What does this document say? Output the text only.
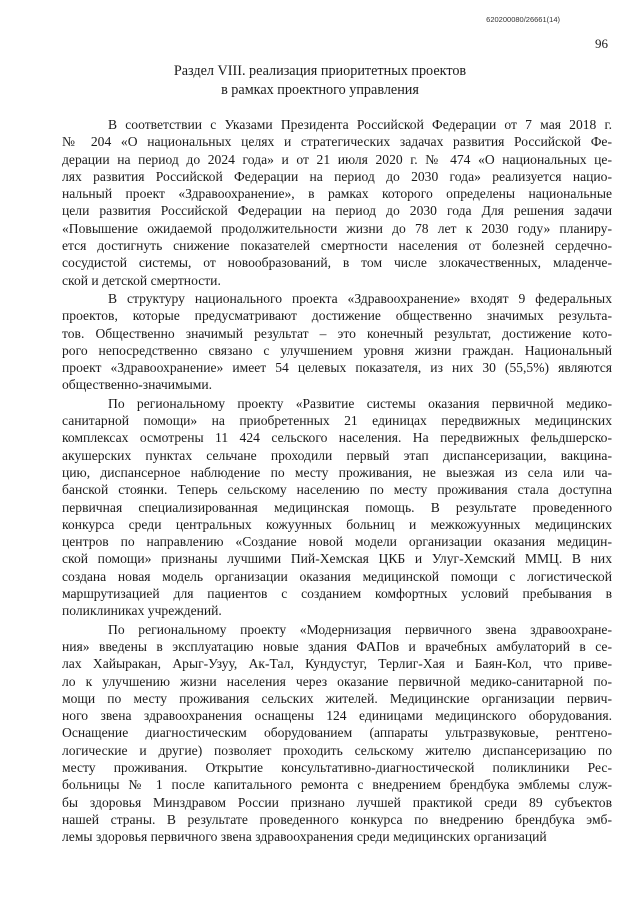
620200080/26661(14)
96
Раздел VIII. реализация приоритетных проектов
в рамках проектного управления
В соответствии с Указами Президента Российской Федерации от 7 мая 2018 г.
№ 204 «О национальных целях и стратегических задачах развития Российской Фе-
дерации на период до 2024 года» и от 21 июля 2020 г. № 474 «О национальных це-
лях развития Российской Федерации на период до 2030 года» реализуется нацио-
нальный проект «Здравоохранение», в рамках которого определены национальные
цели развития Российской Федерации на период до 2030 года Для решения задачи
«Повышение ожидаемой продолжительности жизни до 78 лет к 2030 году» планиру-
ется достигнуть снижение показателей смертности населения от болезней сердечно-
сосудистой системы, от новообразований, в том числе злокачественных, младенче-
ской и детской смертности.
В структуру национального проекта «Здравоохранение» входят 9 федеральных
проектов, которые предусматривают достижение общественно значимых результа-
тов. Общественно значимый результат – это конечный результат, достижение кото-
рого непосредственно связано с улучшением уровня жизни граждан. Национальный
проект «Здравоохранение» имеет 54 целевых показателя, из них 30 (55,5%) являются
общественно-значимыми.
По региональному проекту «Развитие системы оказания первичной медико-
санитарной помощи» на приобретенных 21 единицах передвижных медицинских
комплексах осмотрены 11 424 сельского населения. На передвижных фельдшерско-
акушерских пунктах сельчане проходили первый этап диспансеризации, вакцина-
цию, диспансерное наблюдение по месту проживания, не выезжая из села или ча-
банской стоянки. Теперь сельскому населению по месту проживания стала доступна
первичная специализированная медицинская помощь. В результате проведенного
конкурса среди центральных кожуунных больниц и межкожуунных медицинских
центров по направлению «Создание новой модели организации оказания медицин-
ской помощи» признаны лучшими Пий-Хемская ЦКБ и Улуг-Хемский ММЦ. В них
создана новая модель организации оказания медицинской помощи с логистической
маршрутизацией для пациентов с созданием комфортных условий пребывания в
поликлиниках учреждений.
По региональному проекту «Модернизация первичного звена здравоохране-
ния» введены в эксплуатацию новые здания ФАПов и врачебных амбулаторий в се-
лах Хайыракан, Арыг-Узуу, Ак-Тал, Кундустуг, Терлиг-Хая и Баян-Кол, что приве-
ло к улучшению жизни населения через оказание первичной медико-санитарной по-
мощи по месту проживания сельских жителей. Медицинские организации первич-
ного звена здравоохранения оснащены 124 единицами медицинского оборудования.
Оснащение диагностическим оборудованием (аппараты ультразвуковые, рентгено-
логические и другие) позволяет проходить сельскому жителю диспансеризацию по
месту проживания. Открытие консультативно-диагностической поликлиники Рес-
больницы № 1 после капитального ремонта с внедрением брендбука эмблемы служ-
бы здоровья Минздравом России признано лучшей практикой среди 89 субъектов
нашей страны. В результате проведенного конкурса по внедрению брендбука эмб-
лемы здоровья первичного звена здравоохранения среди медицинских организаций
